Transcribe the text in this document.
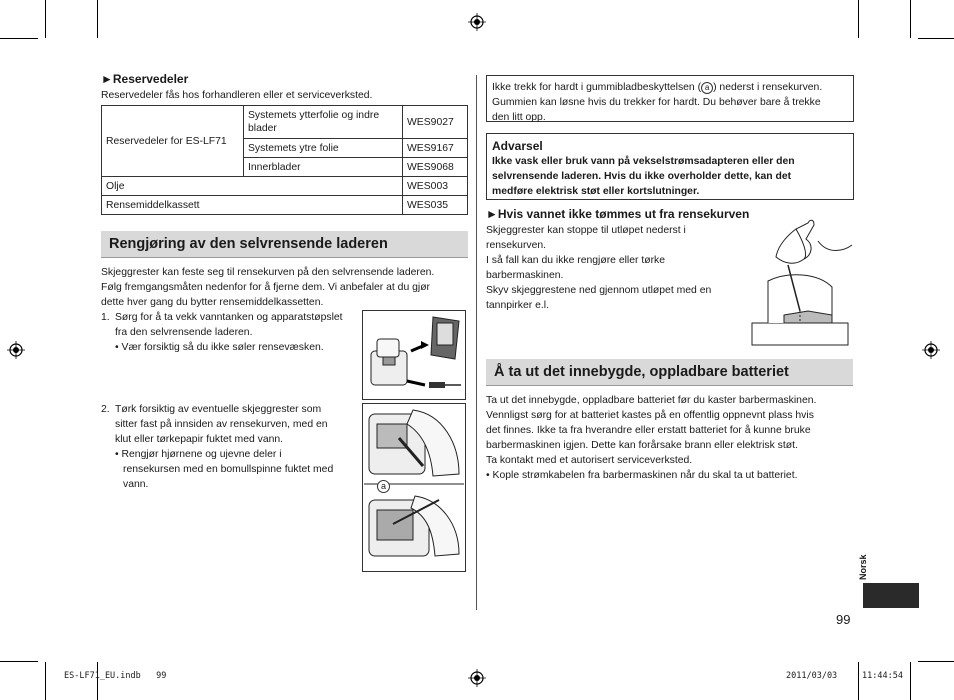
►Reservedeler
Reservedeler fås hos forhandleren eller et serviceverksted.
Reservedeler for ES-LF71	Systemets ytterfolie og indre blader	WES9027
	Systemets ytre folie	WES9167
	Innerblader	WES9068
Olje		WES003
Rensemiddelkassett		WES035
Rengjøring av den selvrensende laderen
Skjeggrester kan feste seg til rensekurven på den selvrensende laderen.
Følg fremgangsmåten nedenfor for å fjerne dem. Vi anbefaler at du gjør
dette hver gang du bytter rensemiddelkassetten.
1. Sørg for å ta vekk vanntanken og apparatstøpslet
fra den selvrensende laderen.
• Vær forsiktig så du ikke søler rensevæsken.
2. Tørk forsiktig av eventuelle skjeggrester som
sitter fast på innsiden av rensekurven, med en
klut eller tørkepapir fuktet med vann.
• Rengjør hjørnene og ujevne deler i
rensekursen med en bomullspinne fuktet med
vann.	a
Ikke trekk for hardt i gummibladbeskyttelsen ( a ) nederst i rensekurven.
Gummien kan løsne hvis du trekker for hardt. Du behøver bare å trekke
den litt opp.
Advarsel
Ikke vask eller bruk vann på vekselstrømsadapteren eller den
selvrensende laderen. Hvis du ikke overholder dette, kan det
medføre elektrisk støt eller kortslutninger.
►Hvis vannet ikke tømmes ut fra rensekurven
Skjeggrester kan stoppe til utløpet nederst i
rensekurven.
I så fall kan du ikke rengjøre eller tørke
barbermaskinen.
Skyv skjeggrestene ned gjennom utløpet med en
tannpirker e.l.
Å ta ut det innebygde, oppladbare batteriet
Ta ut det innebygde, oppladbare batteriet før du kaster barbermaskinen.
Vennligst sørg for at batteriet kastes på en offentlig oppnevnt plass hvis
det finnes. Ikke ta fra hverandre eller erstatt batteriet for å kunne bruke
barbermaskinen igjen. Dette kan forårsake brann eller elektrisk støt.
Ta kontakt med et autorisert serviceverksted.
• Kople strømkabelen fra barbermaskinen når du skal ta ut batteriet.
Norsk
99
ES-LF71_EU.indb   99	2011/03/03	11:44:54
